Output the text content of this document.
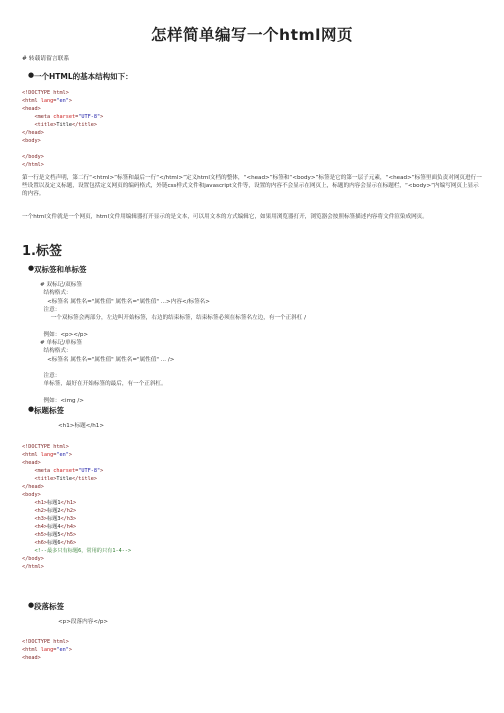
怎样简单编写一个html网页
# 转载请留言联系
● 一个HTML的基本结构如下：
<!DOCTYPE html>
<html lang="en">
<head>
<meta charset="UTF-8">
<title>Title</title>
</head>
<body>

</body>
</html>
第一行是文档声明，第二行“<html>”标签和最后一行“</html>”定义html文档的整体，“<head>”标签和“<body>”标签是它的第一层子元素，“<head>”标签里面负责对网页进行一些设置以及定义标题，设置包括定义网页的编码格式，外链css样式文件和javascript文件等，设置的内容不会显示在网页上，标题的内容会显示在标题栏，“<body>”内编写网页上显示的内容。
一个html文件就是一个网页，html文件用编辑器打开显示的是文本，可以用文本的方式编辑它，如果用浏览器打开，浏览器会按照标签描述内容将文件渲染成网页。
1.标签
● 双标签和单标签
# 双标记/双标签
结构格式：
<标签名 属性名="属性值" 属性名="属性值" ...>内容</标签名>
注意：
一个双标签会两部分，左边叫开始标签，右边的结束标签，结束标签必须在标签名左边，有一个正斜杠 /

例如：<p></p>
# 单标记/单标签
结构格式：
<标签名 属性名="属性值" 属性名="属性值" ... />

注意：
单标签，最好在开始标签的最后，有一个正斜杠。

例如：<img />
● 标题标签
<h1>标题</h1>
<!DOCTYPE html>
<html lang="en">
<head>
<meta charset="UTF-8">
<title>Title</title>
</head>
<body>
<h1>标题1</h1>
<h2>标题2</h2>
<h3>标题3</h3>
<h4>标题4</h4>
<h5>标题5</h5>
<h6>标题6</h6>
<!--最多只有标题6，常用的只有1-4-->
</body>
</html>
● 段落标签
<p>段落内容</p>
<!DOCTYPE html>
<html lang="en">
<head>
